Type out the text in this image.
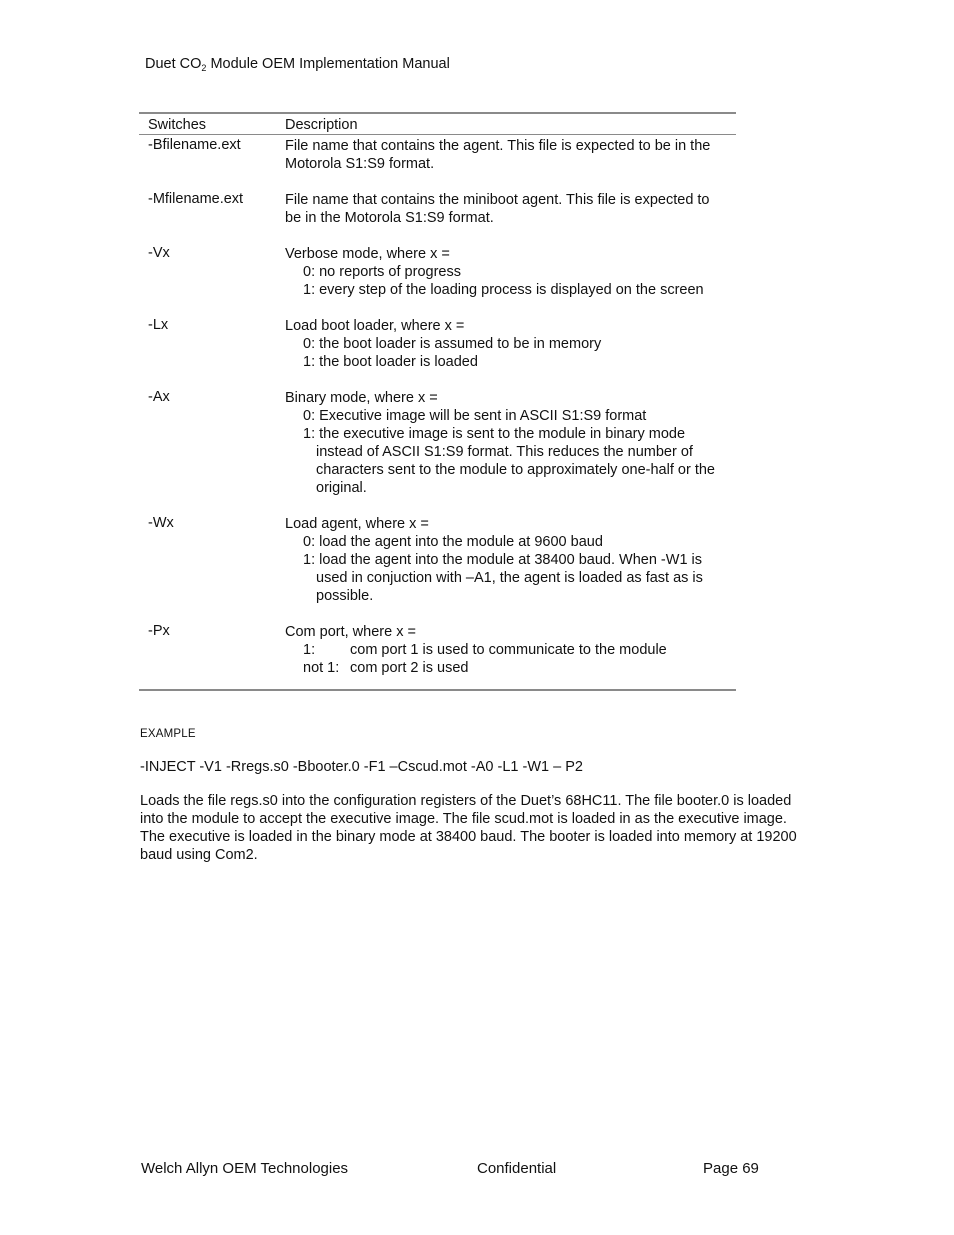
Duet $CO_2$ Module OEM Implementation Manual
Switches	Description
-Bfilename.ext	File name that contains the agent. This file is expected to be in the
Motorola S1:S9 format.
-Mfilename.ext	File name that contains the miniboot agent. This file is expected to
be in the Motorola S1:S9 format.
-Vx	Verbose mode, where x =
0: no reports of progress
1: every step of the loading process is displayed on the screen
-Lx	Load boot loader, where x =
0: the boot loader is assumed to be in memory
1: the boot loader is loaded
-Ax	Binary mode, where x =
0: Executive image will be sent in ASCII S1:S9 format
1: the executive image is sent to the module in binary mode
instead of ASCII S1:S9 format. This reduces the number of
characters sent to the module to approximately one-half or the
original.
-Wx	Load agent, where x =
0: load the agent into the module at 9600 baud
1: load the agent into the module at 38400 baud. When -W1 is
used in conjuction with –A1, the agent is loaded as fast as is
possible.
-Px	Com port, where x =
1: com port 1 is used to communicate to the module
not 1: com port 2 is used
EXAMPLE
-INJECT -V1 -Rregs.s0 -Bbooter.0 -F1 –Cscud.mot -A0 -L1 -W1 – P2
Loads the file regs.s0 into the configuration registers of the Duet’s 68HC11. The file booter.0 is loaded
into the module to accept the executive image. The file scud.mot is loaded in as the executive image.
The executive is loaded in the binary mode at 38400 baud. The booter is loaded into memory at 19200
baud using Com2.
Welch Allyn OEM Technologies	Confidential	Page 69
